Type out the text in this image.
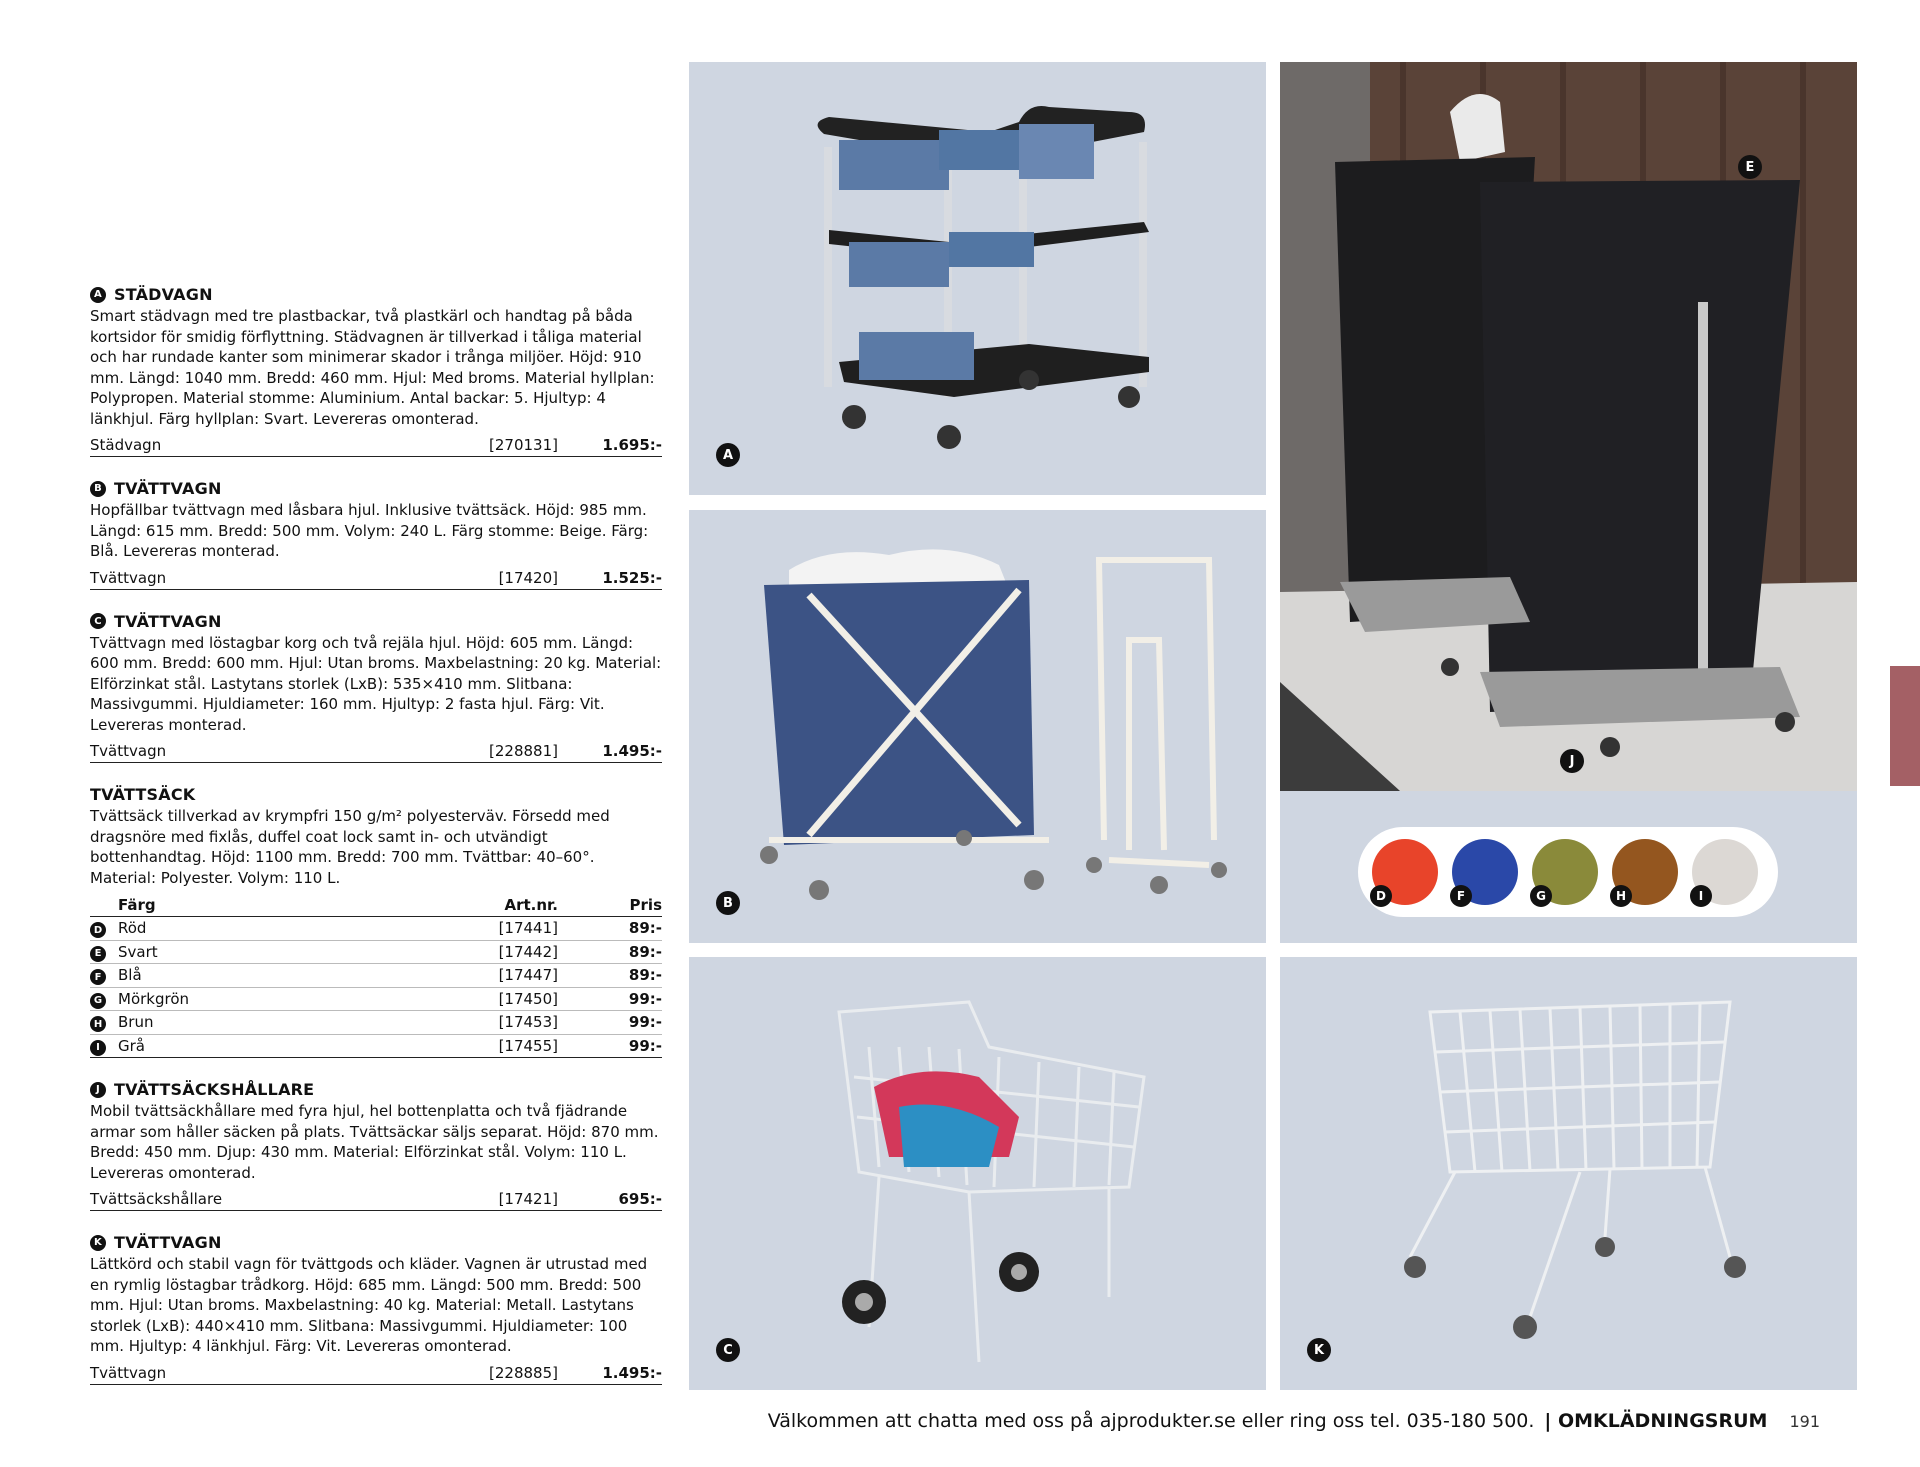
A STÄDVAGN
Smart städvagn med tre plastbackar, två plastkärl och handtag på båda kortsidor för smidig förflyttning. Städvagnen är tillverkad i tåliga material och har rundade kanter som minimerar skador i trånga miljöer. Höjd: 910 mm. Längd: 1040 mm. Bredd: 460 mm. Hjul: Med broms. Material hyllplan: Polypropen. Material stomme: Aluminium. Antal backar: 5. Hjultyp: 4 länkhjul. Färg hyllplan: Svart. Levereras omonterad.
Städvagn	[270131]	1.695:-
B TVÄTTVAGN
Hopfällbar tvättvagn med låsbara hjul. Inklusive tvättsäck. Höjd: 985 mm. Längd: 615 mm. Bredd: 500 mm. Volym: 240 L. Färg stomme: Beige. Färg: Blå. Levereras monterad.
Tvättvagn	[17420]	1.525:-
C TVÄTTVAGN
Tvättvagn med löstagbar korg och två rejäla hjul. Höjd: 605 mm. Längd: 600 mm. Bredd: 600 mm. Hjul: Utan broms. Maxbelastning: 20 kg. Material: Elförzinkat stål. Lastytans storlek (LxB): 535×410 mm. Slitbana: Massivgummi. Hjuldiameter: 160 mm. Hjultyp: 2 fasta hjul. Färg: Vit. Levereras monterad.
Tvättvagn	[228881]	1.495:-
TVÄTTSÄCK
Tvättsäck tillverkad av krympfri 150 g/m² polyesterväv. Försedd med dragsnöre med fixlås, duffel coat lock samt in- och utvändigt bottenhandtag. Höjd: 1100 mm. Bredd: 700 mm. Tvättbar: 40–60°. Material: Polyester. Volym: 110 L.
Färg	Art.nr.	Pris
D	Röd	[17441]	89:-
E	Svart	[17442]	89:-
F	Blå	[17447]	89:-
G	Mörkgrön	[17450]	99:-
H	Brun	[17453]	99:-
I	Grå	[17455]	99:-
J TVÄTTSÄCKSHÅLLARE
Mobil tvättsäckhållare med fyra hjul, hel bottenplatta och två fjädrande armar som håller säcken på plats. Tvättsäckar säljs separat. Höjd: 870 mm. Bredd: 450 mm. Djup: 430 mm. Material: Elförzinkat stål. Volym: 110 L. Levereras omonterad.
Tvättsäckshållare	[17421]	695:-
K TVÄTTVAGN
Lättkörd och stabil vagn för tvättgods och kläder. Vagnen är utrustad med en rymlig löstagbar trådkorg. Höjd: 685 mm. Längd: 500 mm. Bredd: 500 mm. Hjul: Utan broms. Maxbelastning: 40 kg. Material: Metall. Lastytans storlek (LxB): 440×410 mm. Slitbana: Massivgummi. Hjuldiameter: 100 mm. Hjultyp: 4 länkhjul. Färg: Vit. Levereras omonterad.
Tvättvagn	[228885]	1.495:-
A
E
J
B	D	F	G	H	I
C	K
Välkommen att chatta med oss på ajprodukter.se eller ring oss tel. 035-180 500. | OMKLÄDNINGSRUM 191
